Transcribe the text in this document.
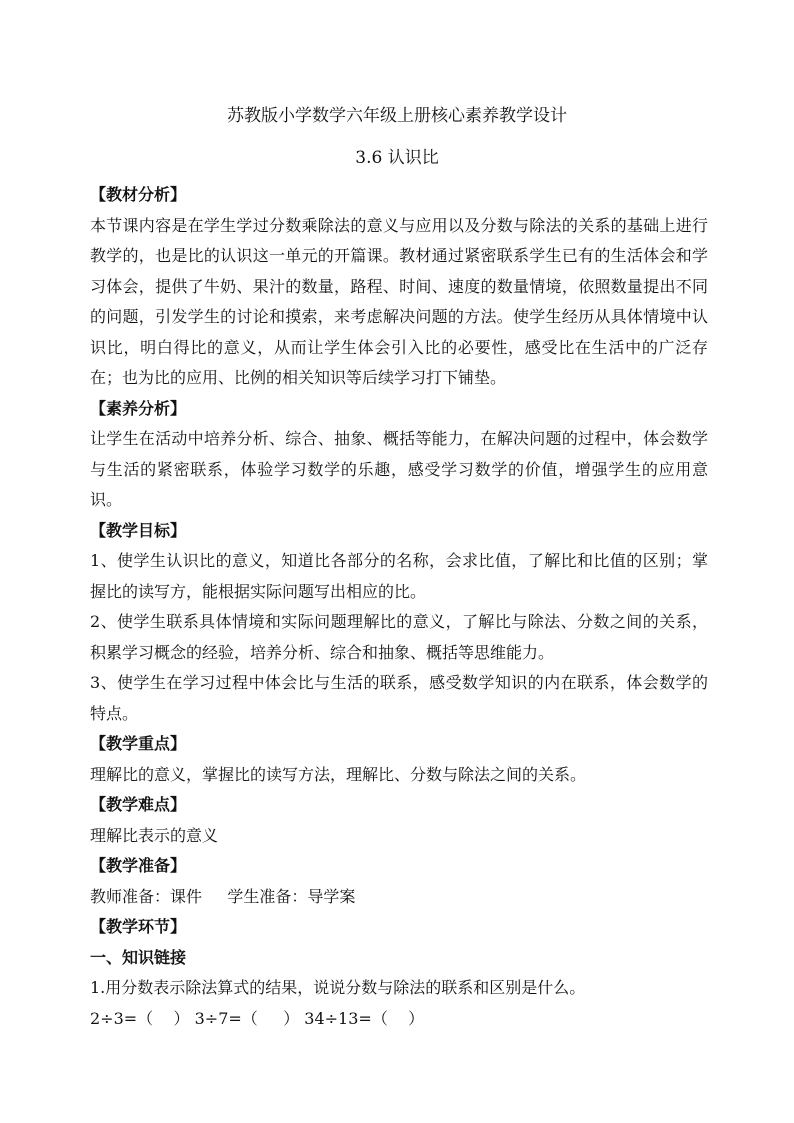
苏教版小学数学六年级上册核心素养教学设计
3.6 认识比
【教材分析】
本节课内容是在学生学过分数乘除法的意义与应用以及分数与除法的关系的基础上进行教学的，也是比的认识这一单元的开篇课。教材通过紧密联系学生已有的生活体会和学习体会，提供了牛奶、果汁的数量，路程、时间、速度的数量情境，依照数量提出不同的问题，引发学生的讨论和摸索，来考虑解决问题的方法。使学生经历从具体情境中认识比，明白得比的意义，从而让学生体会引入比的必要性，感受比在生活中的广泛存在；也为比的应用、比例的相关知识等后续学习打下铺垫。
【素养分析】
让学生在活动中培养分析、综合、抽象、概括等能力，在解决问题的过程中，体会数学与生活的紧密联系，体验学习数学的乐趣，感受学习数学的价值，增强学生的应用意识。
【教学目标】
1、使学生认识比的意义，知道比各部分的名称，会求比值，了解比和比值的区别；掌握比的读写方，能根据实际问题写出相应的比。
2、使学生联系具体情境和实际问题理解比的意义，了解比与除法、分数之间的关系，积累学习概念的经验，培养分析、综合和抽象、概括等思维能力。
3、使学生在学习过程中体会比与生活的联系，感受数学知识的内在联系，体会数学的特点。
【教学重点】
理解比的意义，掌握比的读写方法，理解比、分数与除法之间的关系。
【教学难点】
理解比表示的意义
【教学准备】
教师准备：课件     学生准备：导学案
【教学环节】
一、知识链接
1.用分数表示除法算式的结果，说说分数与除法的联系和区别是什么。
2÷3=（    ） 3÷7=（     ） 34÷13=（    ）
